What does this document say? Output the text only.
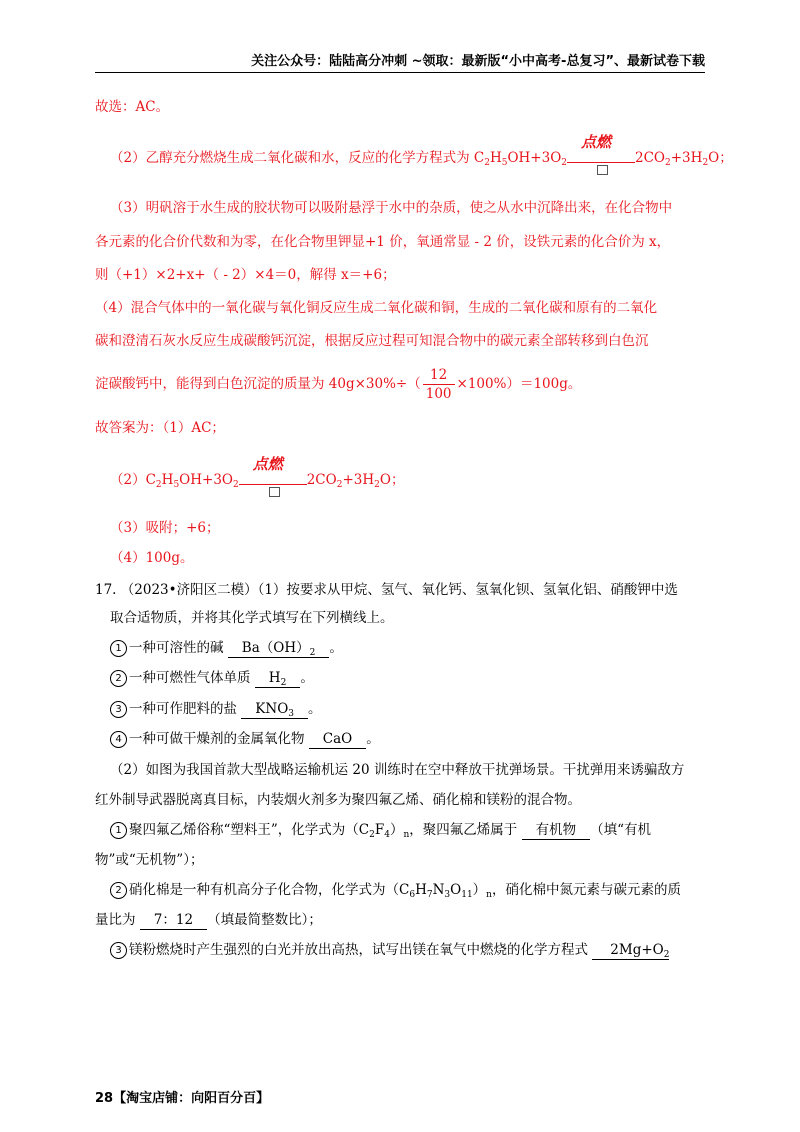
关注公众号：陆陆高分冲刺 ~领取：最新版“小中高考-总复习”、最新试卷下载
故选：AC。
（2）乙醇充分燃烧生成二氧化碳和水，反应的化学方程式为 $C_2H_5OH+3O_2$
点燃
$2CO_2+3H_2O$；
（3）明矾溶于水生成的胶状物可以吸附悬浮于水中的杂质，使之从水中沉降出来，在化合物中
各元素的化合价代数和为零，在化合物里钾显+1 价，氧通常显 - 2 价，设铁元素的化合价为 x，
则（+1）×2+x+（ - 2）×4＝0，解得 x＝+6；
（4）混合气体中的一氧化碳与氧化铜反应生成二氧化碳和铜，生成的二氧化碳和原有的二氧化
碳和澄清石灰水反应生成碳酸钙沉淀，根据反应过程可知混合物中的碳元素全部转移到白色沉
淀碳酸钙中，能得到白色沉淀的质量为 $40g\times 30\%\div( \frac{12}{100} \times 100\%)=100g$。
故答案为：（1）AC；
$(2)C_2H_5OH+3O_2$
点燃
$2CO_2+3H_2O$；
（3）吸附；+6；
（4）100g。
17. （2023•济阳区二模）（1）按要求从甲烷、氢气、氧化钙、氢氧化钡、氢氧化铝、硝酸钾中选
取合适物质，并将其化学式填写在下列横线上。
1 一种可溶性的碱 $Ba(OH)_2$ 。
2 一种可燃性气体单质 $H_2$ 。
3 一种可作肥料的盐 $KNO_3$ 。
4 一种可做干燥剂的金属氧化物 CaO 。
（2）如图为我国首款大型战略运输机运 20 训练时在空中释放干扰弹场景。干扰弹用来诱骗敌方
红外制导武器脱离真目标，内装烟火剂多为聚四氟乙烯、硝化棉和镁粉的混合物。
1 聚四氟乙烯俗称“塑料王”，化学式为$(C_2F_4)_n$，聚四氟乙烯属于 有机物 （填“有机
物”或“无机物”）；
2 硝化棉是一种有机高分子化合物，化学式为$(C_6H_7N_3O_{11})_n$，硝化棉中氮元素与碳元素的质
量比为 7：12 （填最简整数比）；
3 镁粉燃烧时产生强烈的白光并放出高热，试写出镁在氧气中燃烧的化学方程式 $2Mg+O_2$
28【淘宝店铺：向阳百分百】
